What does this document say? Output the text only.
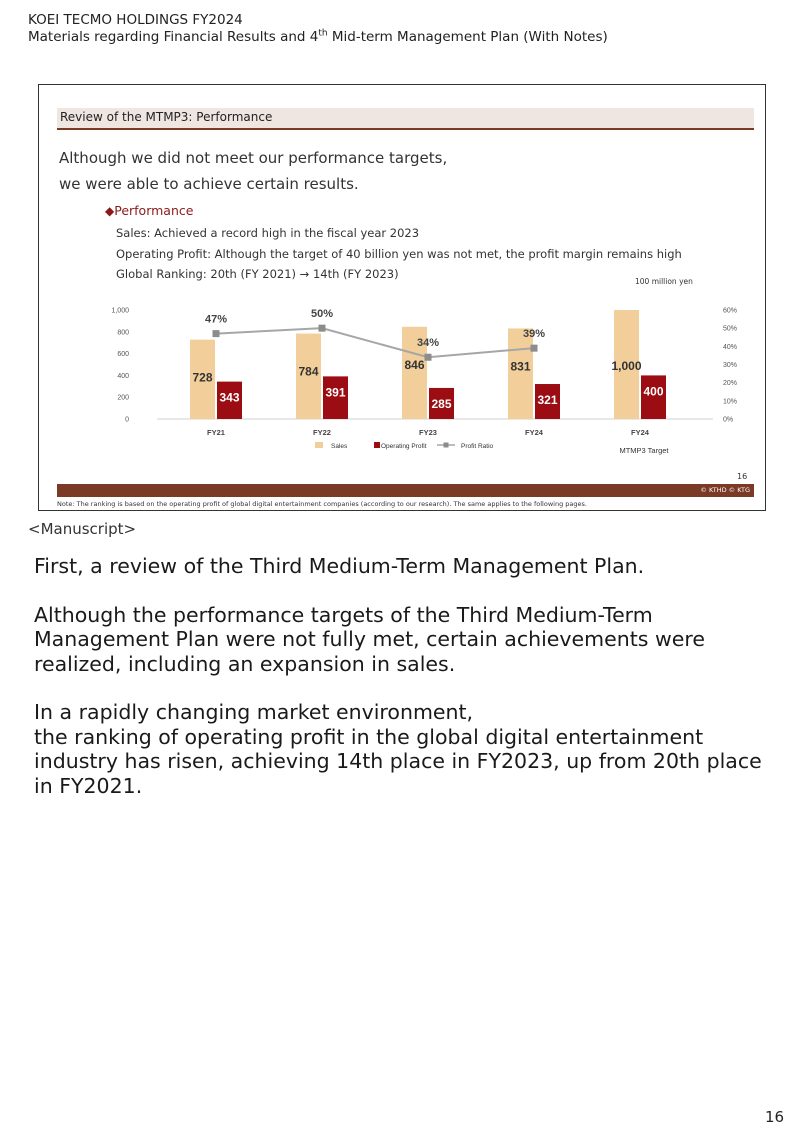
KOEI TECMO HOLDINGS FY2024
Materials regarding Financial Results and 4th Mid-term Management Plan (With Notes)
Review of the MTMP3: Performance
Although we did not meet our performance targets,
we were able to achieve certain results.
◆Performance
Sales: Achieved a record high in the fiscal year 2023
Operating Profit: Although the target of 40 billion yen was not met, the profit margin remains high
Global Ranking: 20th (FY 2021) → 14th (FY 2023)
100 million yen
0
200
400
600
800
1,000
0%
10%
20%
30%
40%
50%
60%
728
343
FY21
784
391
FY22
846
285
FY23
831
321
FY24
1,000
400
FY24
MTMP3 Target
47%	50%
34%
39%
Sales	Operating Profit	Profit Ratio
16
© KTHD © KTG
Note: The ranking is based on the operating profit of global digital entertainment companies (according to our research). The same applies to the following pages.
<Manuscript>

First, a review of the Third Medium-Term Management Plan.

Although the performance targets of the Third Medium-Term Management Plan were not fully met, certain achievements were realized, including an expansion in sales.

In a rapidly changing market environment,
the ranking of operating profit in the global digital entertainment industry has risen, achieving 14th place in FY2023, up from 20th place in FY2021.

16
